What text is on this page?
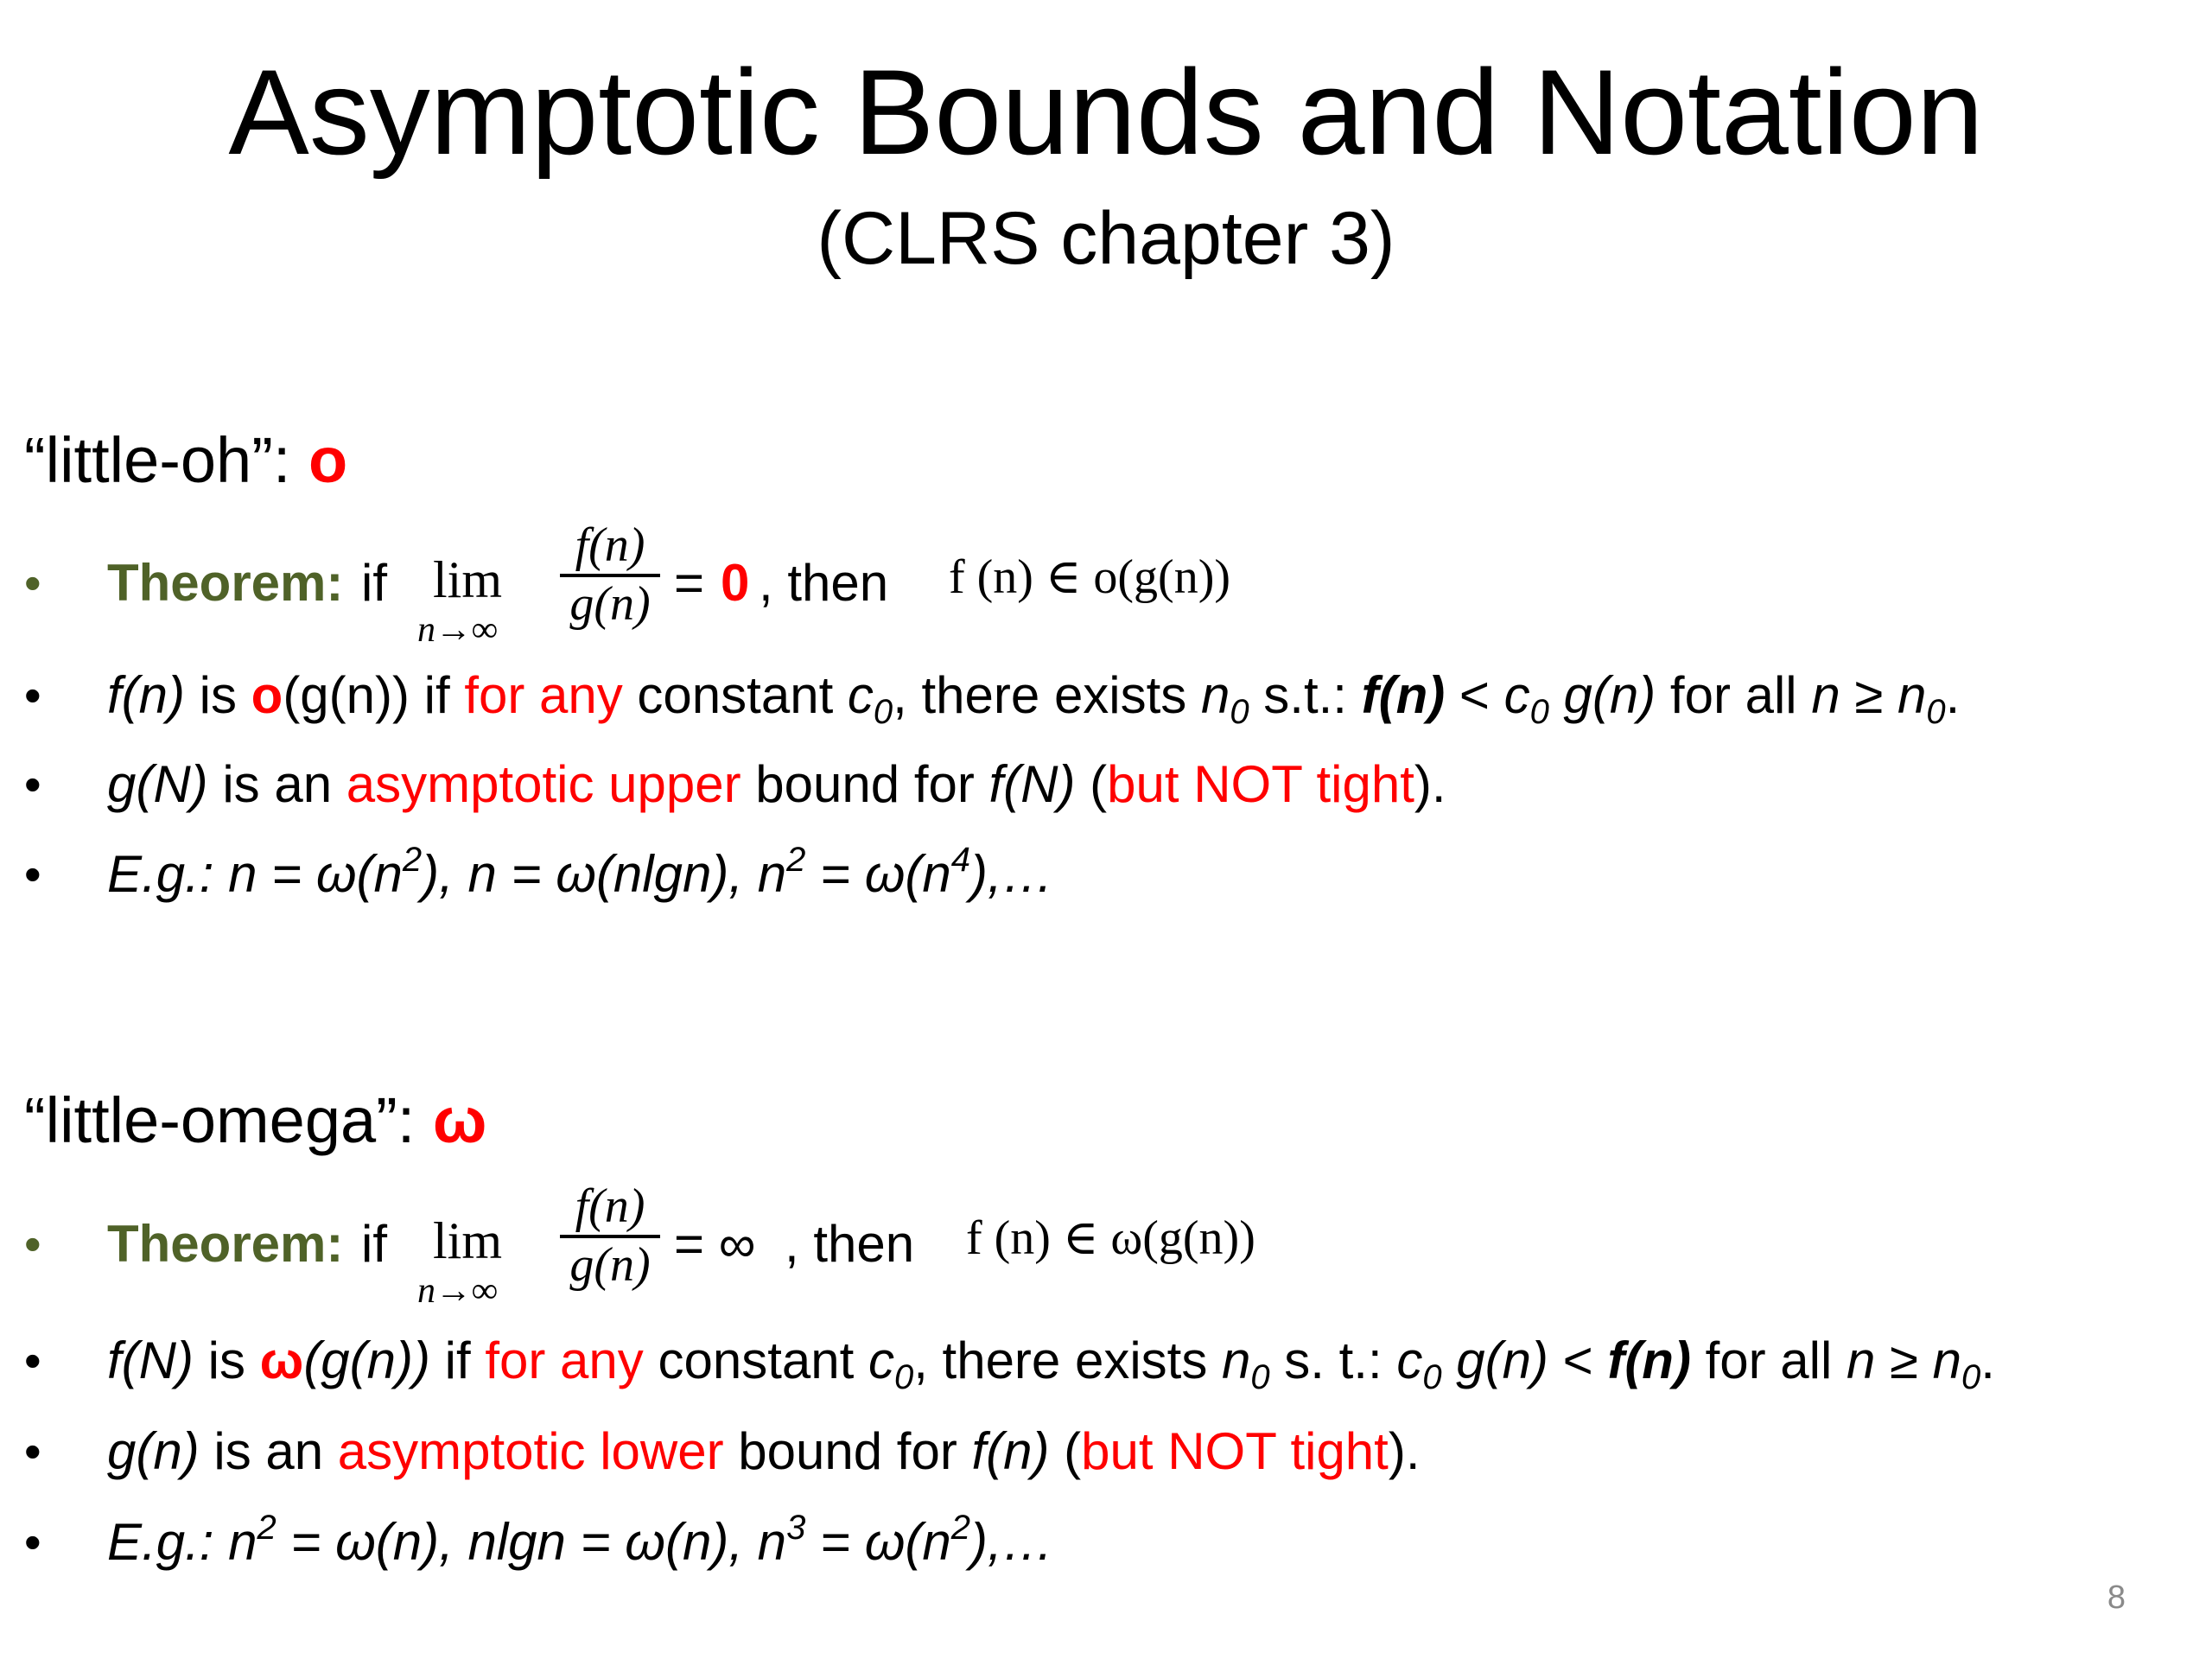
Asymptotic Bounds and Notation
(CLRS chapter 3)
“little-oh”: o
•	Theorem: if lim
n→∞
f(n)
g(n) = 0 , then f (n) ∈ o(g(n))
•	f(n) is o(g(n)) if for any constant $c_0$, there exists $n_0$ s.t.: $f(n) < c_0$ g(n) for all $n \ge n_0$.
•	g(N) is an asymptotic upper bound for f(N) (but NOT tight).
•	E.g.: $n = \omega(n^2)$, n = ω(nlgn), $n^2$ = $\omega(n^4),\dots$
“little-omega”: ω
•	Theorem: if lim
n→∞
f(n)
g(n) = ∞ , then f (n) ∈ ω(g(n))
•	f(N) is ω(g(n)) if for any constant $c_0$, there exists $n_0$ s. t.: $c_0$ g(n) < f(n) for all $n \ge n_0$.
•	g(n) is an asymptotic lower bound for f(n) (but NOT tight).
•	E.g.: $n^2 = \omega(n)$, nlgn = ω(n), $n^3$ = $\omega(n^2),\dots$
8
